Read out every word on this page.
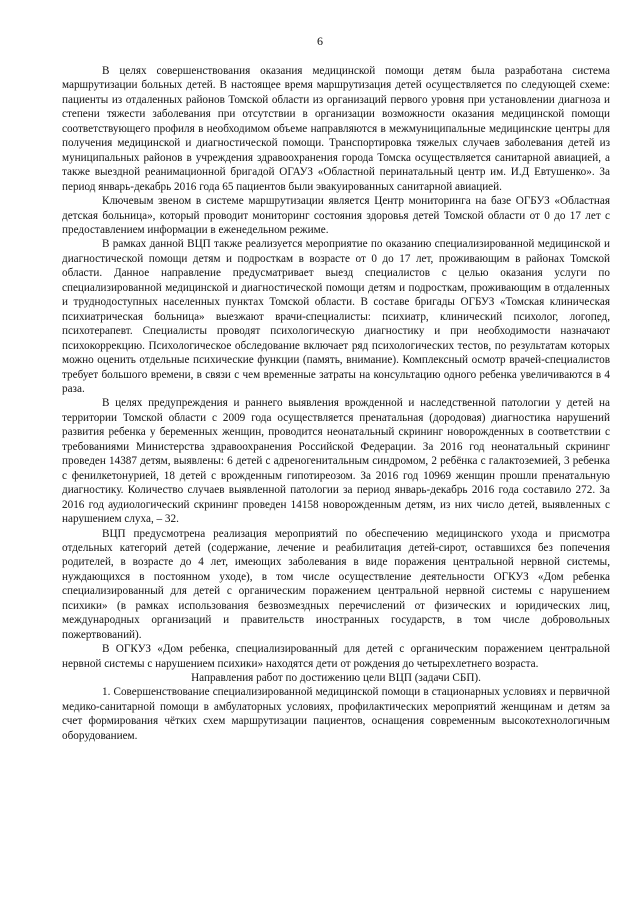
6

В целях совершенствования оказания медицинской помощи детям была разработана система маршрутизации больных детей. В настоящее время маршрутизация детей осуществляется по следующей схеме: пациенты из отдаленных районов Томской области из организаций первого уровня при установлении диагноза и степени тяжести заболевания при отсутствии в организации возможности оказания медицинской помощи соответствующего профиля в необходимом объеме направляются в межмуниципальные медицинские центры для получения медицинской и диагностической помощи. Транспортировка тяжелых случаев заболевания детей из муниципальных районов в учреждения здравоохранения города Томска осуществляется санитарной авиацией, а также выездной реанимационной бригадой ОГАУЗ «Областной перинатальный центр им. И.Д Евтушенко». За период январь-декабрь 2016 года 65 пациентов были эвакуированных санитарной авиацией.

Ключевым звеном в системе маршрутизации является Центр мониторинга на базе ОГБУЗ «Областная детская больница», который проводит мониторинг состояния здоровья детей Томской области от 0 до 17 лет с предоставлением информации в еженедельном режиме.

В рамках данной ВЦП также реализуется мероприятие по оказанию специализированной медицинской и диагностической помощи детям и подросткам в возрасте от 0 до 17 лет, проживающим в районах Томской области. Данное направление предусматривает выезд специалистов с целью оказания услуги по специализированной медицинской и диагностической помощи детям и подросткам, проживающим в отдаленных и труднодоступных населенных пунктах Томской области. В составе бригады ОГБУЗ «Томская клиническая психиатрическая больница» выезжают врачи-специалисты: психиатр, клинический психолог, логопед, психотерапевт. Специалисты проводят психологическую диагностику и при необходимости назначают психокоррекцию. Психологическое обследование включает ряд психологических тестов, по результатам которых можно оценить отдельные психические функции (память, внимание). Комплексный осмотр врачей-специалистов требует большого времени, в связи с чем временные затраты на консультацию одного ребенка увеличиваются в 4 раза.

В целях предупреждения и раннего выявления врожденной и наследственной патологии у детей на территории Томской области с 2009 года осуществляется пренатальная (дородовая) диагностика нарушений развития ребенка у беременных женщин, проводится неонатальный скрининг новорожденных в соответствии с требованиями Министерства здравоохранения Российской Федерации. За 2016 год неонатальный скрининг проведен 14387 детям, выявлены: 6 детей с адреногенитальным синдромом, 2 ребёнка с галактоземией, 3 ребенка с фенилкетонурией, 18 детей с врожденным гипотиреозом. За 2016 год 10969 женщин прошли пренатальную диагностику. Количество случаев выявленной патологии за период январь-декабрь 2016 года составило 272. За 2016 год аудиологический скрининг проведен 14158 новорожденным детям, из них число детей, выявленных с нарушением слуха, – 32.

ВЦП предусмотрена реализация мероприятий по обеспечению медицинского ухода и присмотра отдельных категорий детей (содержание, лечение и реабилитация детей-сирот, оставшихся без попечения родителей, в возрасте до 4 лет, имеющих заболевания в виде поражения центральной нервной системы, нуждающихся в постоянном уходе), в том числе осуществление деятельности ОГКУЗ «Дом ребенка специализированный для детей с органическим поражением центральной нервной системы с нарушением психики» (в рамках использования безвозмездных перечислений от физических и юридических лиц, международных организаций и правительств иностранных государств, в том числе добровольных пожертвований).

В ОГКУЗ «Дом ребенка, специализированный для детей с органическим поражением центральной нервной системы с нарушением психики» находятся дети от рождения до четырехлетнего возраста.

Направления работ по достижению цели ВЦП (задачи СБП).

1. Совершенствование специализированной медицинской помощи в стационарных условиях и первичной медико-санитарной помощи в амбулаторных условиях, профилактических мероприятий женщинам и детям за счет формирования чётких схем маршрутизации пациентов, оснащения современным высокотехнологичным оборудованием.
